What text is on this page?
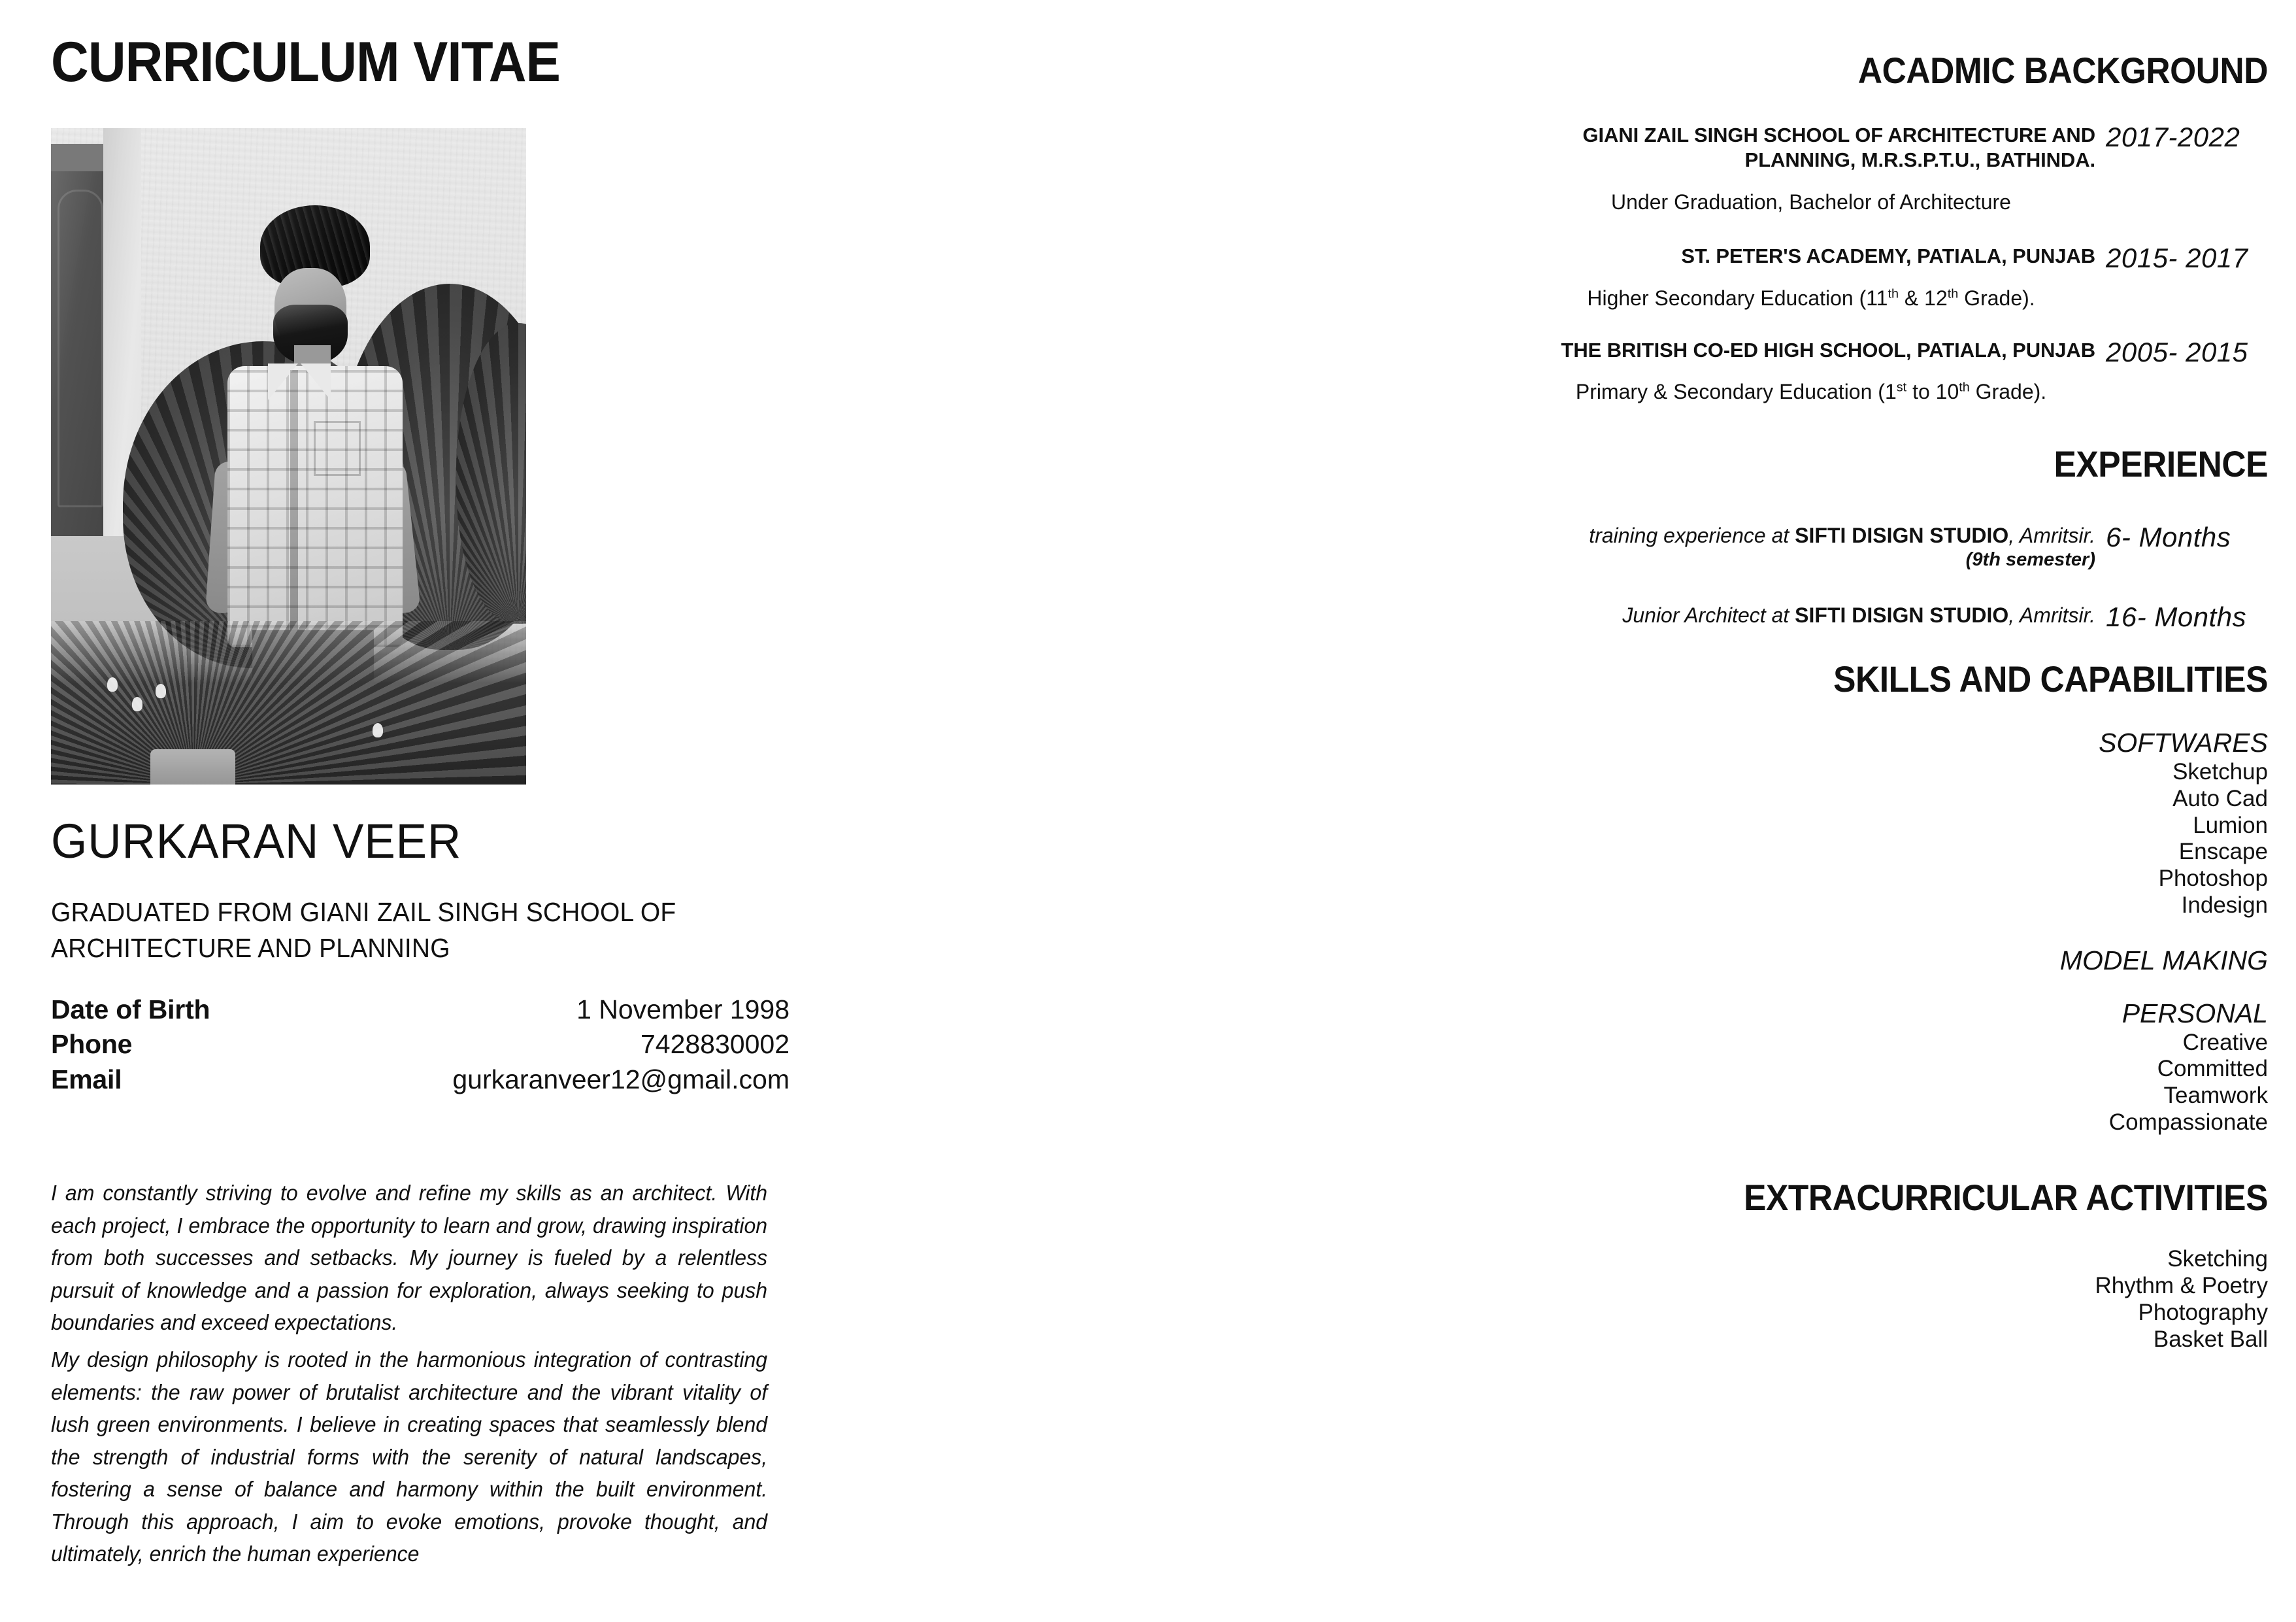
CURRICULUM VITAE
GURKARAN VEER
GRADUATED FROM GIANI ZAIL SINGH SCHOOL OF ARCHITECTURE AND PLANNING
Date of Birth	1 November 1998
Phone	7428830002
Email	gurkaranveer12@gmail.com
I am constantly striving to evolve and refine my skills as an architect. With each project, I embrace the opportunity to learn and grow, drawing inspiration from both successes and setbacks. My journey is fueled by a relentless pursuit of knowledge and a passion for exploration, always seeking to push boundaries and exceed expectations.
My design philosophy is rooted in the harmonious integration of contrasting elements: the raw power of brutalist architecture and the vibrant vitality of lush green environments. I believe in creating spaces that seamlessly blend the strength of industrial forms with the serenity of natural landscapes, fostering a sense of balance and harmony within the built environment. Through this approach, I aim to evoke emotions, provoke thought, and ultimately, enrich the human experience
ACADMIC BACKGROUND
GIANI ZAIL SINGH SCHOOL OF ARCHITECTURE AND PLANNING, M.R.S.P.T.U., BATHINDA.
2017-2022
Under Graduation, Bachelor of Architecture

ST. PETER'S ACADEMY, PATIALA, PUNJAB 2015- 2017
Higher Secondary Education (11th & 12th Grade).

THE BRITISH CO-ED HIGH SCHOOL, PATIALA, PUNJAB 2005- 2015
Primary & Secondary Education (1st to 10th Grade).

EXPERIENCE
training experience at SIFTI DISIGN STUDIO, Amritsir.
(9th semester)
6- Months
Junior Architect at SIFTI DISIGN STUDIO, Amritsir. 16- Months
SKILLS AND CAPABILITIES
SOFTWARES
Sketchup
Auto Cad
Lumion
Enscape
Photoshop
Indesign
MODEL MAKING
PERSONAL
Creative
Committed
Teamwork
Compassionate
EXTRACURRICULAR ACTIVITIES
Sketching
Rhythm & Poetry
Photography
Basket Ball
